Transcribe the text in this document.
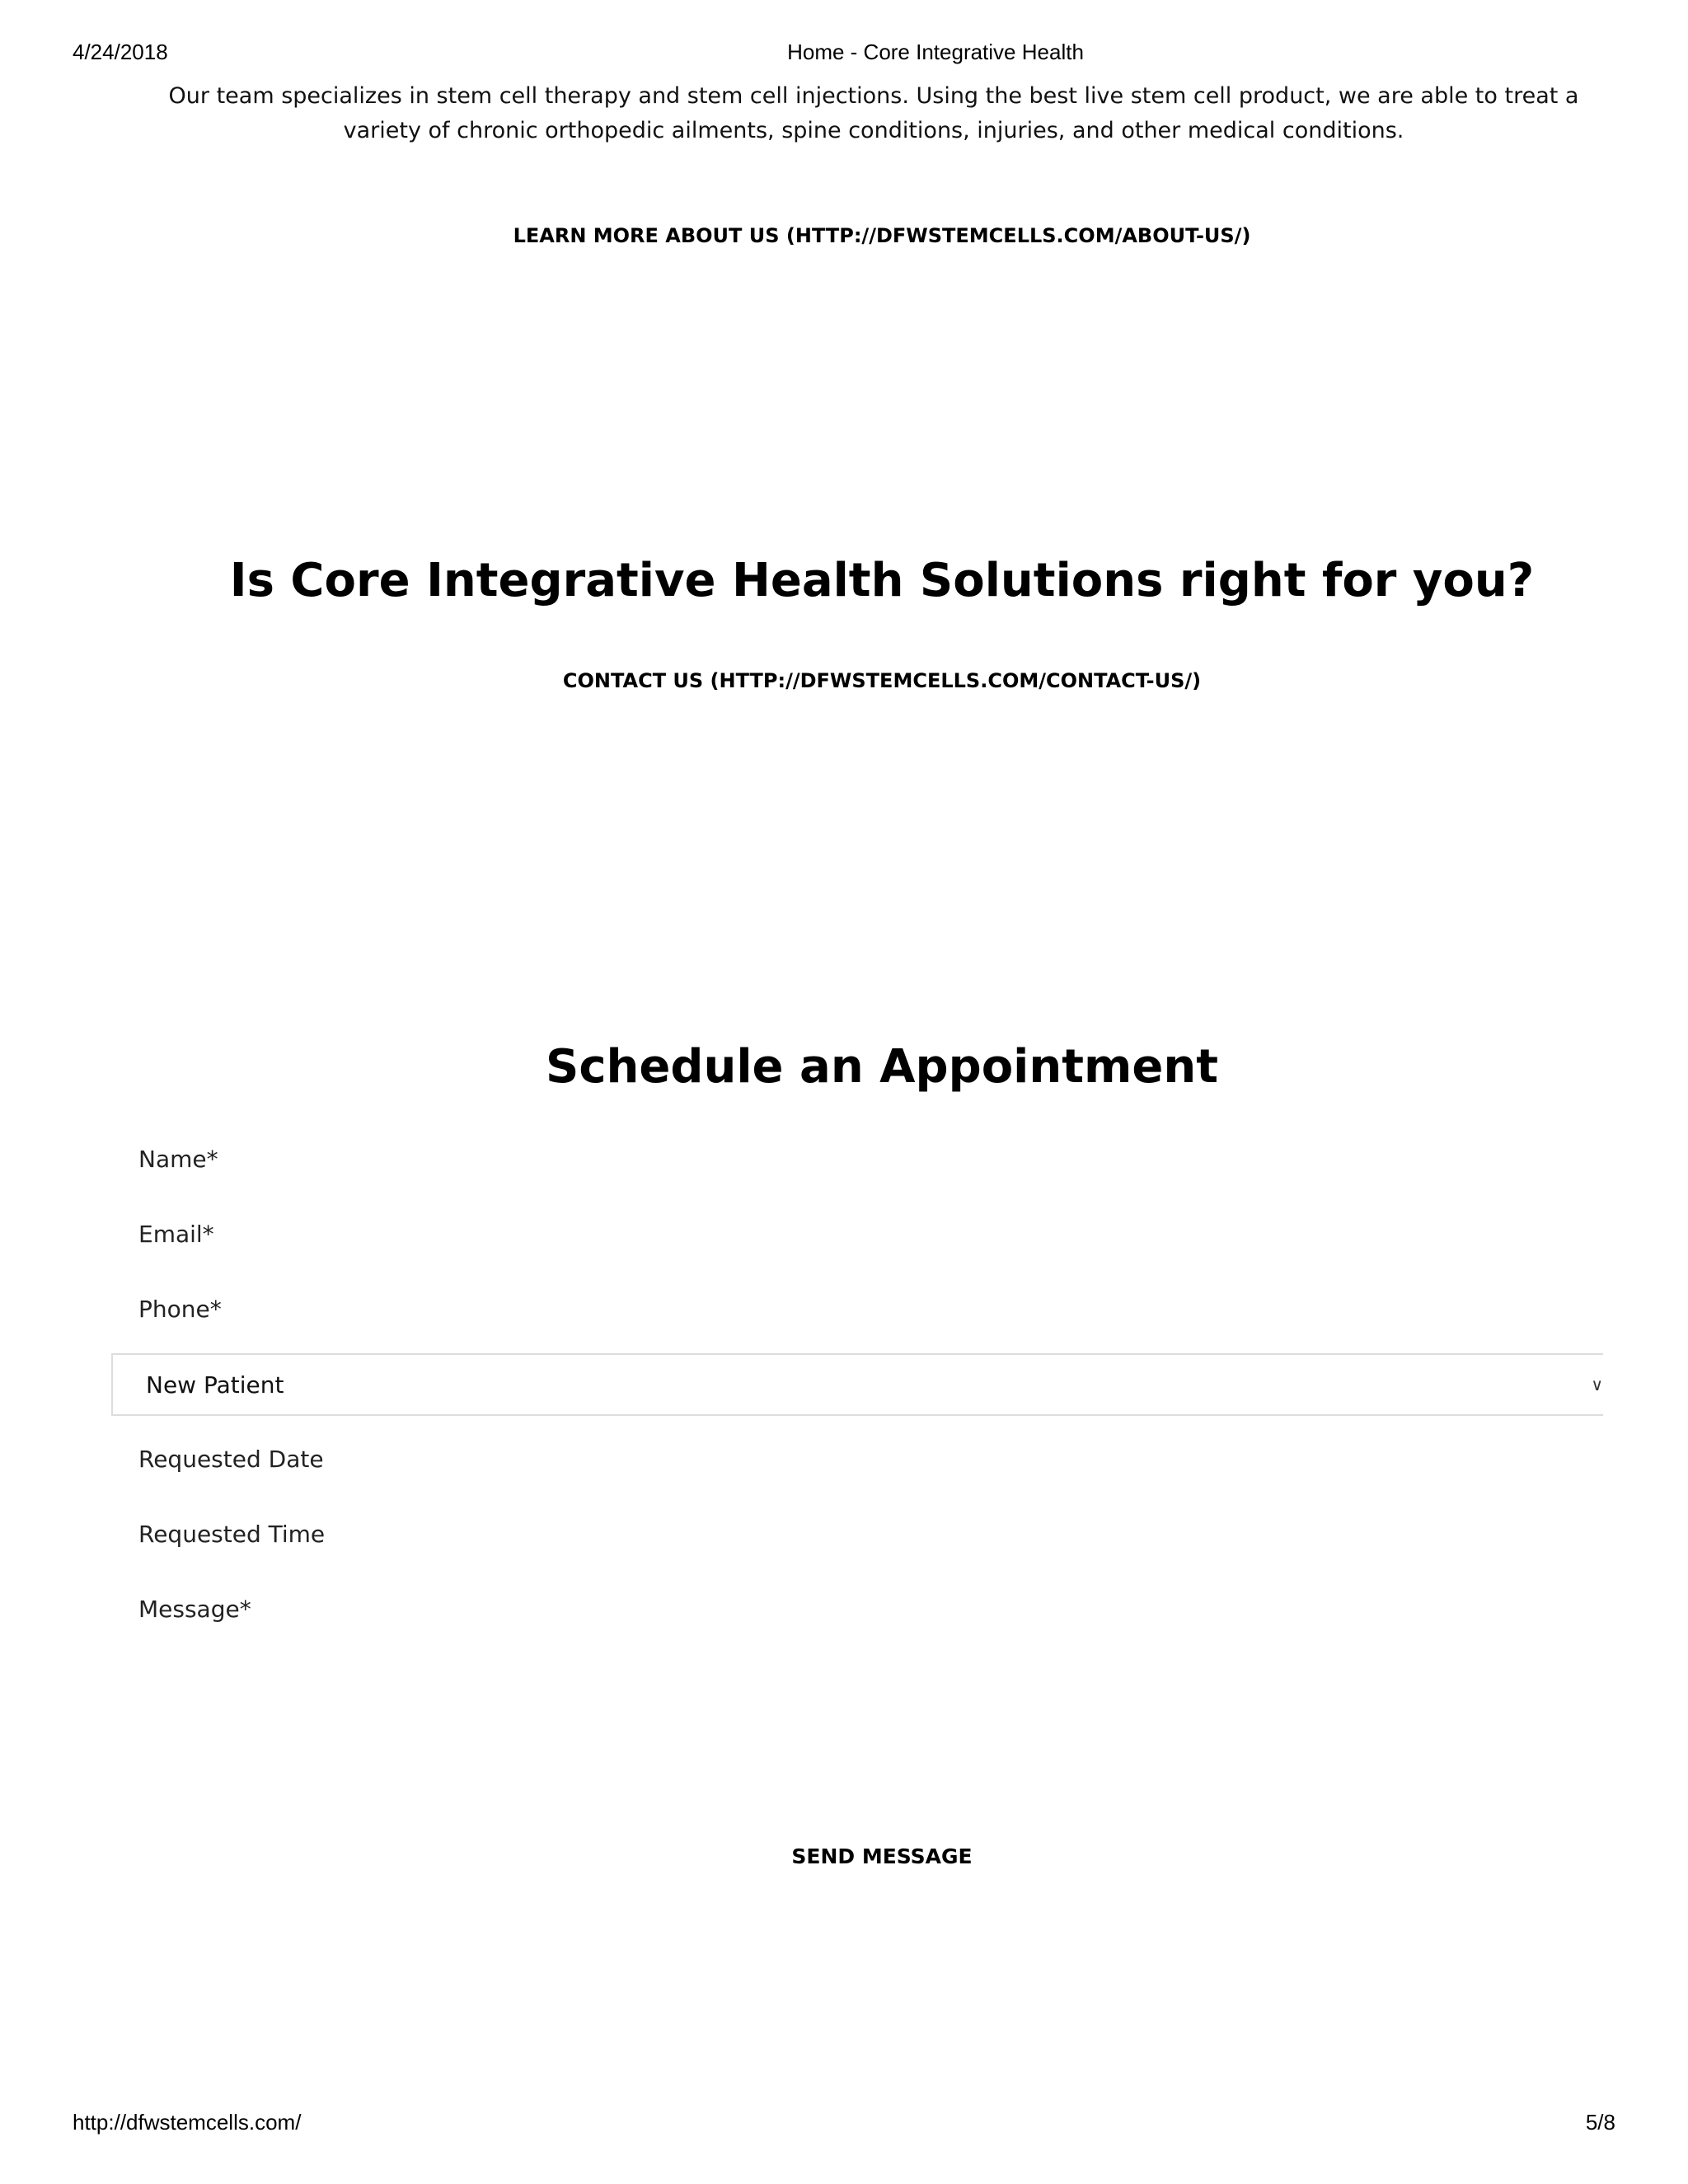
4/24/2018	Home - Core Integrative Health

Our team specializes in stem cell therapy and stem cell injections. Using the best live stem cell product, we are able to treat a variety of chronic orthopedic ailments, spine conditions, injuries, and other medical conditions.

LEARN MORE ABOUT US (HTTP://DFWSTEMCELLS.COM/ABOUT-US/)
Is Core Integrative Health Solutions right for you?
CONTACT US (HTTP://DFWSTEMCELLS.COM/CONTACT-US/)
Schedule an Appointment
Name*
Email*
Phone*
New Patient	∨
Requested Date
Requested Time
Message*
SEND MESSAGE
http://dfwstemcells.com/	5/8
